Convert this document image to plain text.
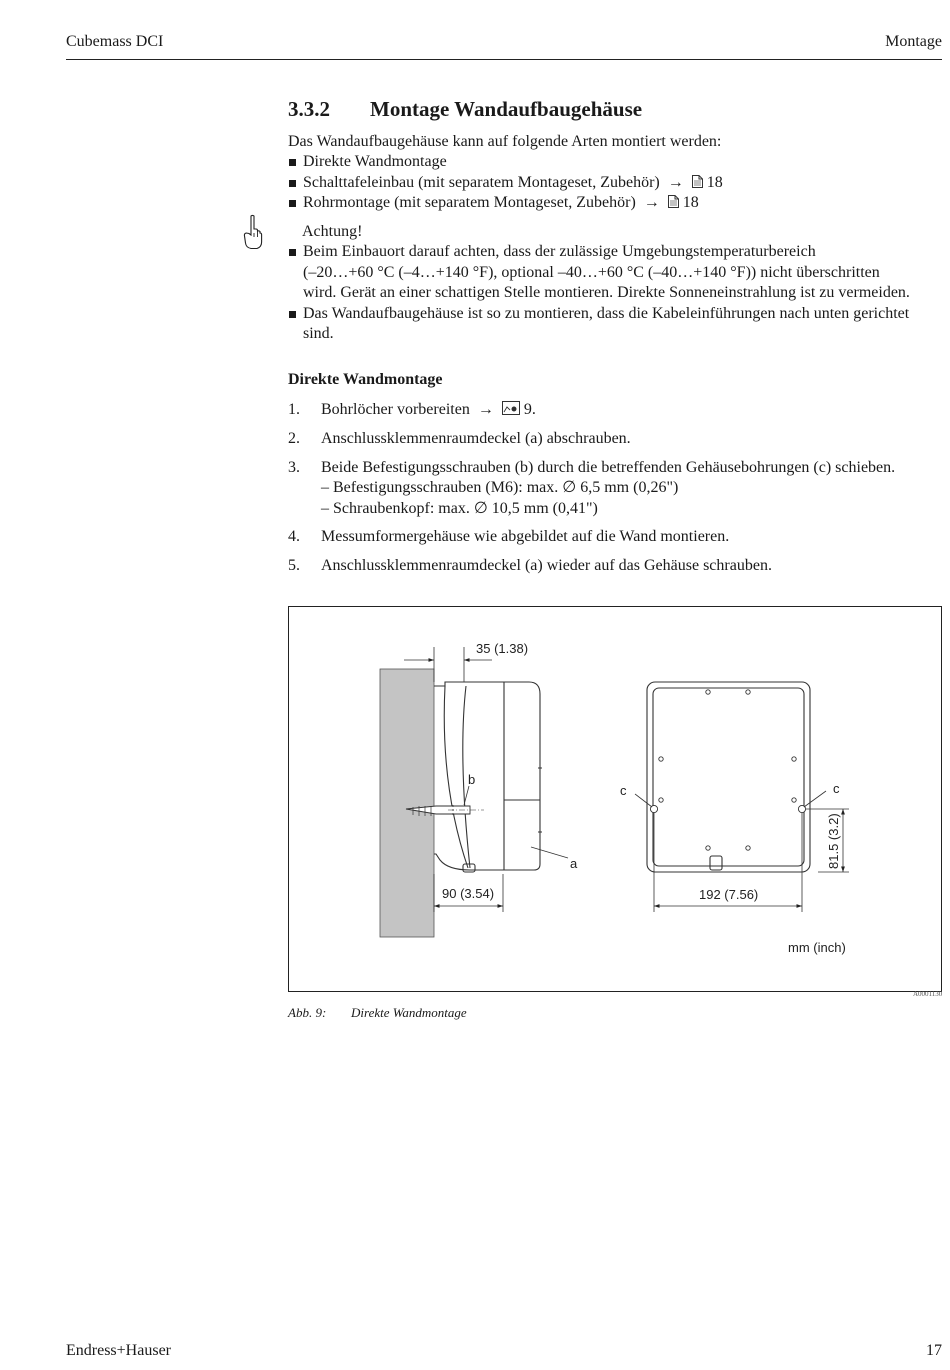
Cubemass DCI	Montage
3.3.2 Montage Wandaufbaugehäuse
Das Wandaufbaugehäuse kann auf folgende Arten montiert werden:
Direkte Wandmontage
Schalttafeleinbau (mit separatem Montageset, Zubehör) → 18
Rohrmontage (mit separatem Montageset, Zubehör) → 18
Achtung!
Beim Einbauort darauf achten, dass der zulässige Umgebungstemperaturbereich
(–20…+60 °C (–4…+140 °F), optional –40…+60 °C (–40…+140 °F)) nicht überschritten
wird. Gerät an einer schattigen Stelle montieren. Direkte Sonneneinstrahlung ist zu vermeiden.
Das Wandaufbaugehäuse ist so zu montieren, dass die Kabeleinführungen nach unten gerichtet
sind.
Direkte Wandmontage
1. Bohrlöcher vorbereiten → 9.
2. Anschlussklemmenraumdeckel (a) abschrauben.
3. Beide Befestigungsschrauben (b) durch die betreffenden Gehäusebohrungen (c) schieben.
– Befestigungsschrauben (M6): max. ∅ 6,5 mm (0,26")
– Schraubenkopf: max. ∅ 10,5 mm (0,41")
4. Messumformergehäuse wie abgebildet auf die Wand montieren.
5. Anschlussklemmenraumdeckel (a) wieder auf das Gehäuse schrauben.
b
a
35 (1.38)
90 (3.54)
c	c
192 (7.56)
81.5 (3.2)
mm (inch)
A0001130
Abb. 9: Direkte Wandmontage
Endress+Hauser	17
